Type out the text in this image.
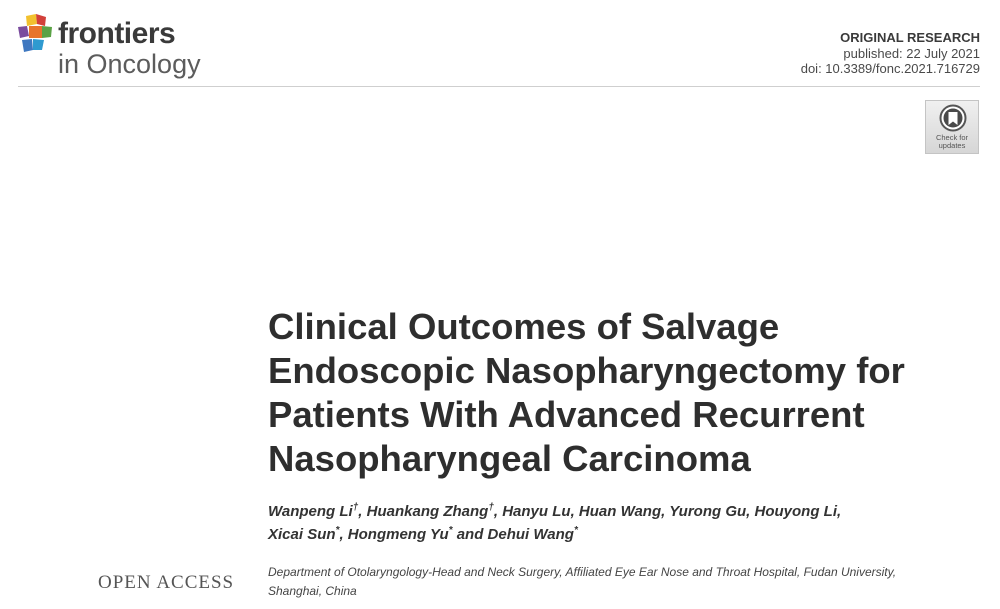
frontiers
in Oncology
ORIGINAL RESEARCH
published: 22 July 2021
doi: 10.3389/fonc.2021.716729
Check for
updates
Clinical Outcomes of Salvage
Endoscopic Nasopharyngectomy for
Patients With Advanced Recurrent
Nasopharyngeal Carcinoma
Wanpeng Li†, Huankang Zhang†, Hanyu Lu, Huan Wang, Yurong Gu, Houyong Li,
Xicai Sun*, Hongmeng Yu* and Dehui Wang*
OPEN ACCESS	Department of Otolaryngology-Head and Neck Surgery, Affiliated Eye Ear Nose and Throat Hospital, Fudan University,
Shanghai, China
